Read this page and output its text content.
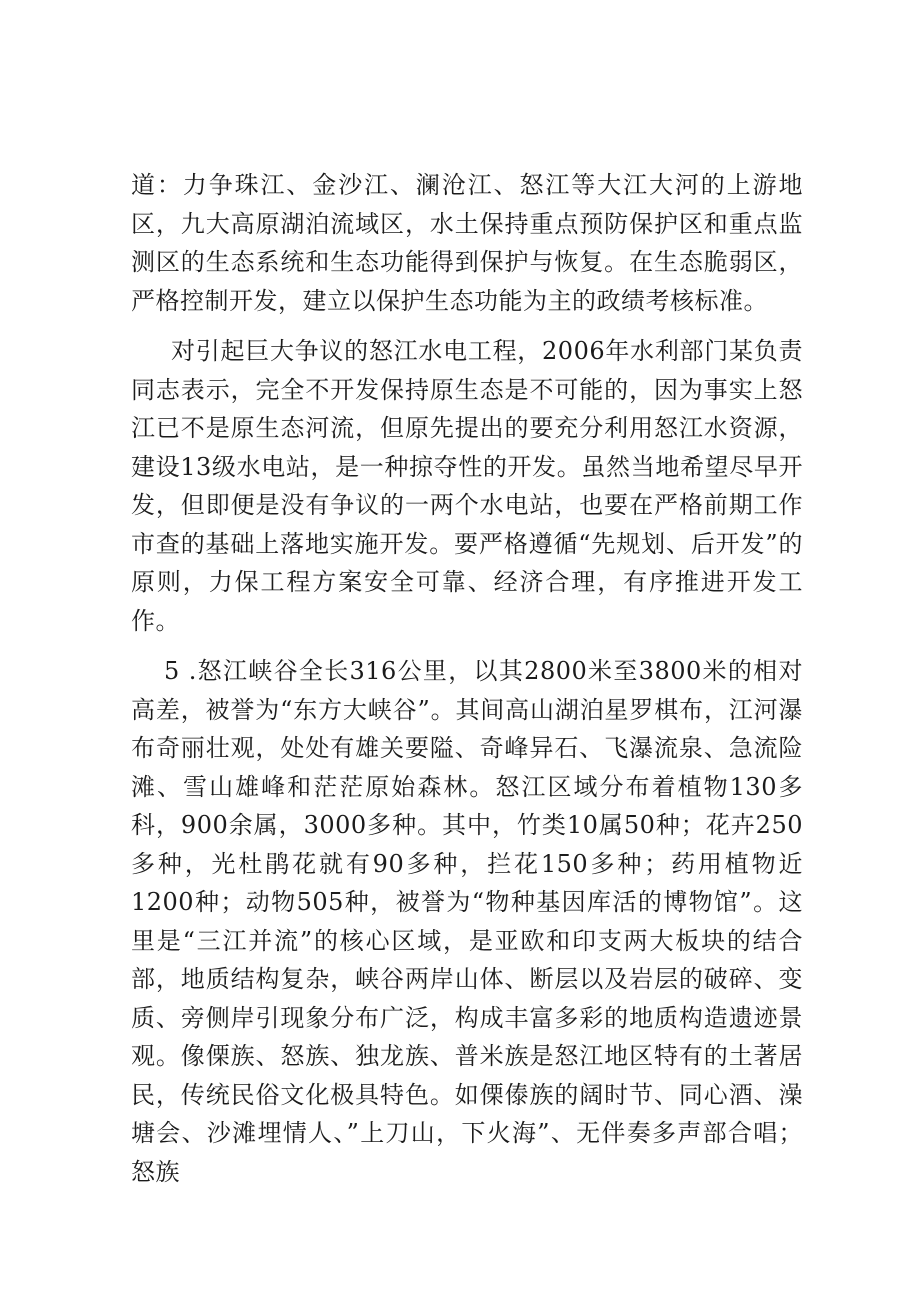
道：力争珠江、金沙江、澜沧江、怒江等大江大河的上游地区，九大高原湖泊流域区，水土保持重点预防保护区和重点监测区的生态系统和生态功能得到保护与恢复。在生态脆弱区，严格控制开发，建立以保护生态功能为主的政绩考核标准。

对引起巨大争议的怒江水电工程，2006年水利部门某负责同志表示，完全不开发保持原生态是不可能的，因为事实上怒江已不是原生态河流，但原先提出的要充分利用怒江水资源，建设13级水电站，是一种掠夺性的开发。虽然当地希望尽早开发，但即便是没有争议的一两个水电站，也要在严格前期工作市查的基础上落地实施开发。要严格遵循“先规划、后开发”的原则，力保工程方案安全可靠、经济合理，有序推进开发工作。

5 .怒江峡谷全长316公里，以其2800米至3800米的相对高差，被誉为“东方大峡谷”。其间高山湖泊星罗棋布，江河瀑布奇丽壮观，处处有雄关要隘、奇峰异石、飞瀑流泉、急流险滩、雪山雄峰和茫茫原始森林。怒江区域分布着植物130多科，900余属，3000多种。其中，竹类10属50种；花卉250多种，光杜鹃花就有90多种，拦花150多种；药用植物近1200种；动物505种，被誉为“物种基因库活的博物馆”。这里是“三江并流”的核心区域，是亚欧和印支两大板块的结合部，地质结构复杂，峡谷两岸山体、断层以及岩层的破碎、变质、旁侧岸引现象分布广泛，构成丰富多彩的地质构造遗迹景观。像傈族、怒族、独龙族、普米族是怒江地区特有的土著居民，传统民俗文化极具特色。如傈傣族的阔时节、同心酒、澡塘会、沙滩埋情人、”上刀山，下火海”、无伴奏多声部合唱；怒族
